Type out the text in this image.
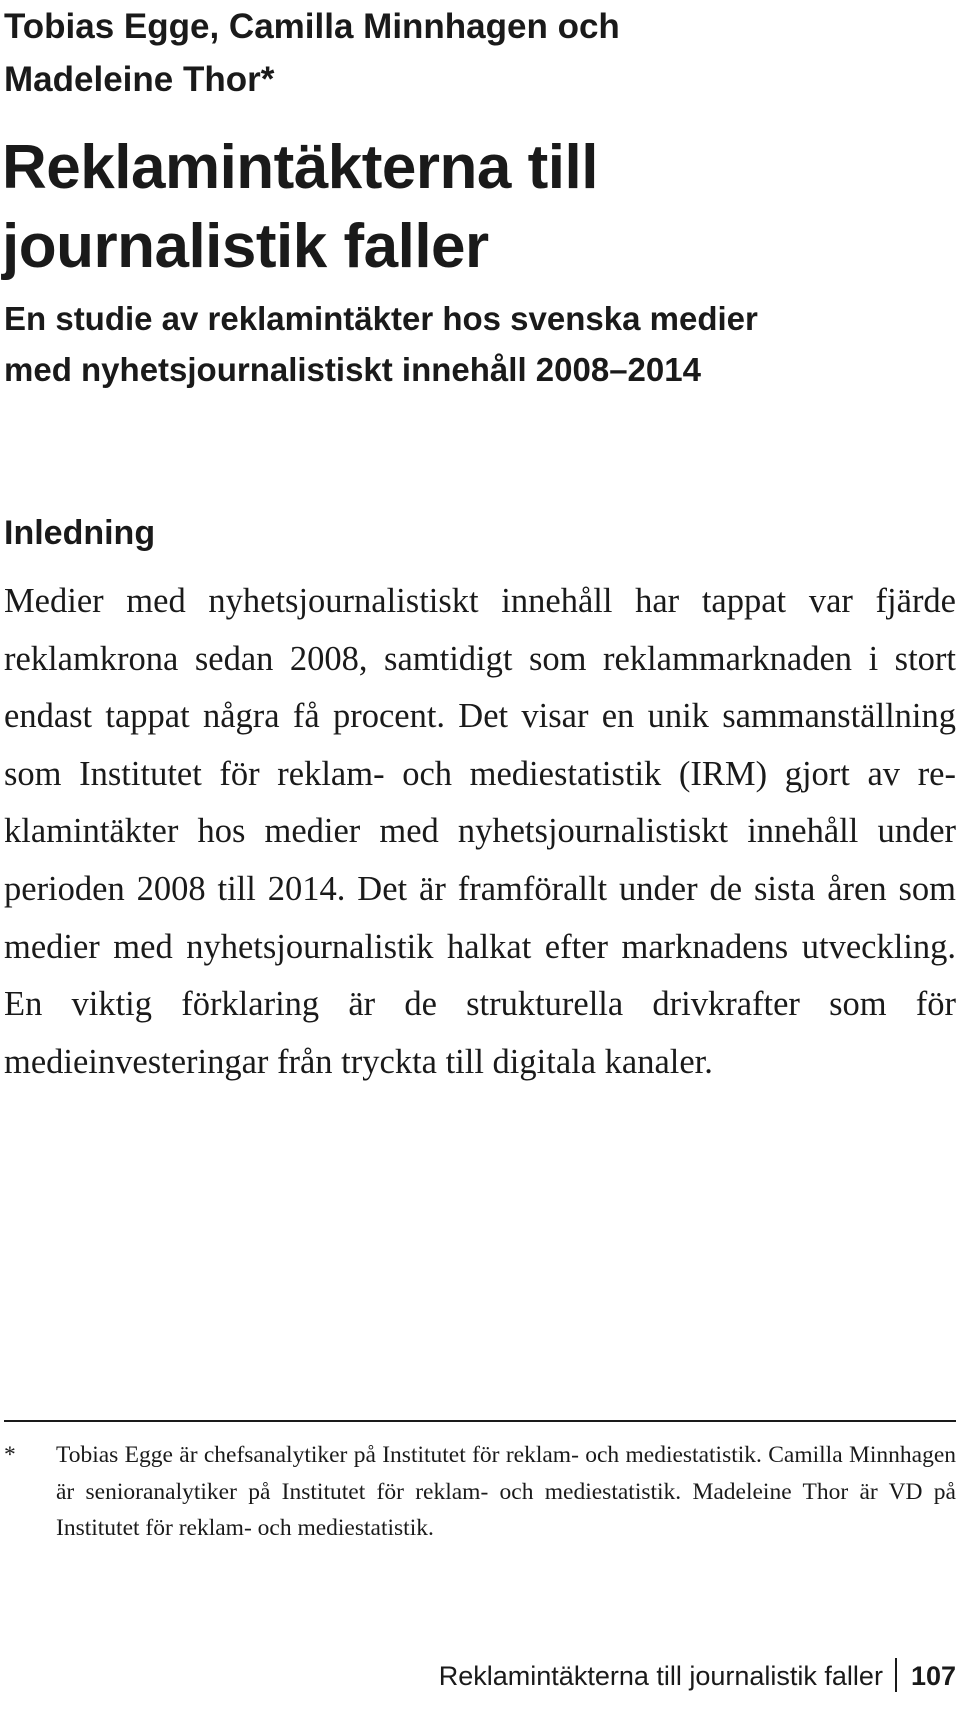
Tobias Egge, Camilla Minnhagen och
Madeleine Thor*
Reklamintäkterna till
journalistik faller
En studie av reklamintäkter hos svenska medier
med nyhetsjournalistiskt innehåll 2008–2014
Inledning

Medier med nyhetsjournalistiskt innehåll har tappat var fjärde reklamkrona sedan 2008, samtidigt som reklammarknaden i stort endast tappat några få procent. Det visar en unik sammanställning som Institutet för reklam- och mediestatistik (IRM) gjort av reklamintäkter hos medier med nyhetsjournalistiskt innehåll under perioden 2008 till 2014. Det är framförallt under de sista åren som medier med nyhetsjournalistik halkat efter marknadens utveckling. En viktig förklaring är de strukturella drivkrafter som för medieinvesteringar från tryckta till digitala kanaler.

*	Tobias Egge är chefsanalytiker på Institutet för reklam- och mediestatistik. Camilla Minnhagen är senioranalytiker på Institutet för reklam- och mediestatistik. Madeleine Thor är VD på Institutet för reklam- och mediestatistik.
Reklamintäkterna till journalistik faller 107
